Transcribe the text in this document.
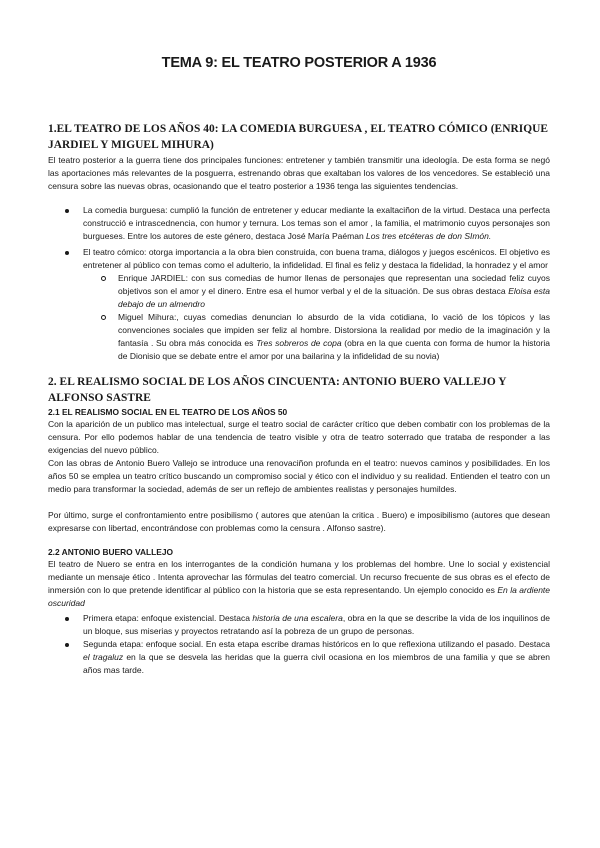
TEMA 9: EL TEATRO POSTERIOR A 1936
1.EL TEATRO DE LOS AÑOS 40: LA COMEDIA BURGUESA , EL TEATRO CÓMICO (ENRIQUE JARDIEL Y MIGUEL MIHURA)

El teatro posterior a la guerra tiene dos principales funciones: entretener y también transmitir una ideología. De esta forma se negó las aportaciones más relevantes de la posguerra, estrenando obras que exaltaban los valores de los vencedores. Se estableció una censura sobre las nuevas obras, ocasionando que el teatro posterior a 1936 tenga las siguientes tendencias.

La comedia burguesa: cumplió la función de entretener y educar mediante la exaltaciñon de la virtud. Destaca una perfecta construcció e intrascednencia, con humor y ternura. Los temas son el amor , la familia, el matrimonio cuyos personajes son burgueses. Entre los autores de este género, destaca José María Paéman Los tres etcéteras de don SImón.
El teatro cómico: otorga importancia a la obra bien construida, con buena trama, diálogos y juegos escénicos. El objetivo es entretener al público con temas como el adulterio, la infidelidad. El final es feliz y destaca la fidelidad, la honradez y el amor
Enrique JARDIEL: con sus comedias de humor llenas de personajes que representan una sociedad feliz cuyos objetivos son el amor y el dinero. Entre esa el humor verbal y el de la situación. De sus obras destaca Eloisa esta debajo de un almendro
Miguel Mihura:, cuyas comedias denuncian lo absurdo de la vida cotidiana, lo vació de los tópicos y las convenciones sociales que impiden ser feliz al hombre. Distorsiona la realidad por medio de la imaginación y la fantasía . Su obra más conocida es Tres sobreros de copa (obra en la que cuenta con forma de humor la historia de Dionisio que se debate entre el amor por una bailarina y la infidelidad de su novia)
2. EL REALISMO SOCIAL DE LOS AÑOS CINCUENTA: ANTONIO BUERO VALLEJO Y ALFONSO SASTRE
2.1 EL REALISMO SOCIAL EN EL TEATRO DE LOS AÑOS 50

Con la aparición de un publico mas intelectual, surge el teatro social de carácter crítico que deben combatir con los problemas de la censura. Por ello podemos hablar de una tendencia de teatro visible y otra de teatro soterrado que trataba de responder a las exigencias del nuevo público.

Con las obras de Antonio Buero Vallejo se introduce una renovaciñon profunda en el teatro: nuevos caminos y posibilidades. En los años 50 se emplea un teatro crítico buscando un compromiso social y ético con el individuo y su realidad. Entienden el teatro con un medio para transformar la sociedad, además de ser un reflejo de ambientes realistas y personajes humildes.

Por último, surge el confrontamiento entre posibilismo ( autores que atenúan la critica . Buero) e imposibilismo (autores que desean expresarse con libertad, encontrándose con problemas como la censura . Alfonso sastre).

2.2 ANTONIO BUERO VALLEJO

El teatro de Nuero se entra en los interrogantes de la condición humana y los problemas del hombre. Une lo social y existencial mediante un mensaje ético . Intenta aprovechar las fórmulas del teatro comercial. Un recurso frecuente de sus obras es el efecto de inmersión con lo que pretende identificar al público con la historia que se esta representando. Un ejemplo conocido es En la ardiente oscuridad

Primera etapa: enfoque existencial. Destaca historia de una escalera, obra en la que se describe la vida de los inquilinos de un bloque, sus miserias y proyectos retratando así la pobreza de un grupo de personas.
Segunda etapa: enfoque social. En esta etapa escribe dramas históricos en lo que reflexiona utilizando el pasado. Destaca el tragaluz en la que se desvela las heridas que la guerra civil ocasiona en los miembros de una familia y que se abren años mas tarde.
